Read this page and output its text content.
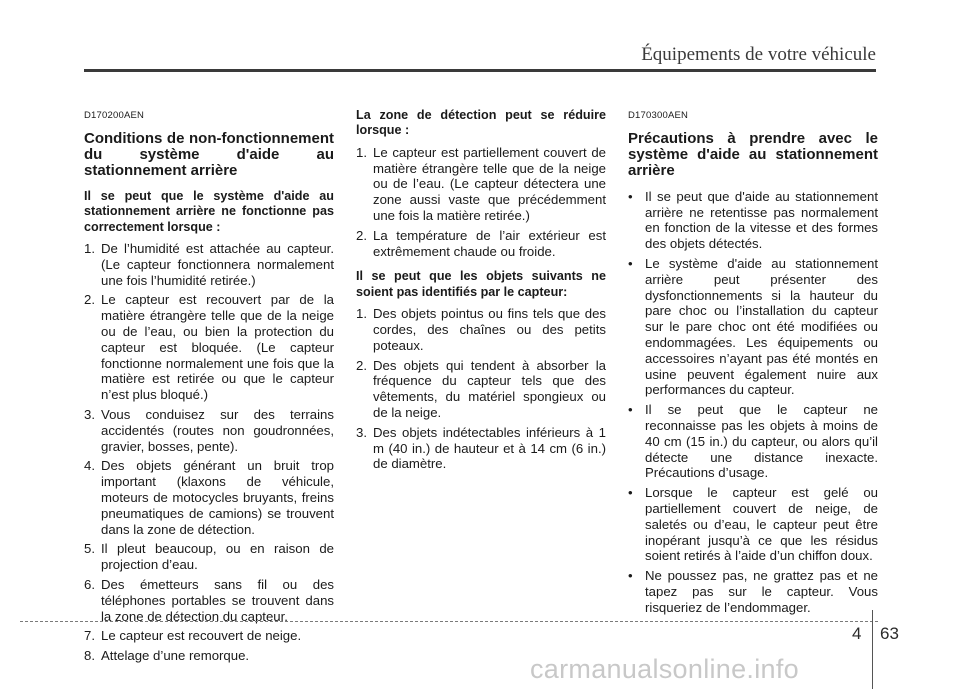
Équipements de votre véhicule
D170200AEN
Conditions de non-fonctionnement du système d'aide au stationnement arrière
Il se peut que le système d'aide au stationnement arrière ne fonctionne pas correctement lorsque :
1. De l’humidité est attachée au capteur. (Le capteur fonctionnera normalement une fois l’humidité retirée.)
2. Le capteur est recouvert par de la matière étrangère telle que de la neige ou de l’eau, ou bien la protection du capteur est bloquée. (Le capteur fonctionne normalement une fois que la matière est retirée ou que le capteur n’est plus bloqué.)
3. Vous conduisez sur des terrains accidentés (routes non goudronnées, gravier, bosses, pente).
4. Des objets générant un bruit trop important (klaxons de véhicule, moteurs de motocycles bruyants, freins pneumatiques de camions) se trouvent dans la zone de détection.
5. Il pleut beaucoup, ou en raison de projection d’eau.
6. Des émetteurs sans fil ou des téléphones portables se trouvent dans la zone de détection du capteur.
7. Le capteur est recouvert de neige.
8. Attelage d’une remorque.
La zone de détection peut se réduire lorsque :
1. Le capteur est partiellement couvert de matière étrangère telle que de la neige ou de l’eau. (Le capteur détectera une zone aussi vaste que précédemment une fois la matière retirée.)
2. La température de l’air extérieur est extrêmement chaude ou froide.
Il se peut que les objets suivants ne soient pas identifiés par le capteur:
1. Des objets pointus ou fins tels que des cordes, des chaînes ou des petits poteaux.
2. Des objets qui tendent à absorber la fréquence du capteur tels que des vêtements, du matériel spongieux ou de la neige.
3. Des objets indétectables inférieurs à 1 m (40 in.) de hauteur et à 14 cm (6 in.) de diamètre.
D170300AEN
Précautions à prendre avec le système d'aide au stationnement arrière
• Il se peut que d'aide au stationnement arrière ne retentisse pas normalement en fonction de la vitesse et des formes des objets détectés.
• Le système d'aide au stationnement arrière peut présenter des dysfonctionnements si la hauteur du pare choc ou l’installation du capteur sur le pare choc ont été modifiées ou endommagées. Les équipements ou accessoires n’ayant pas été montés en usine peuvent également nuire aux performances du capteur.
• Il se peut que le capteur ne reconnaisse pas les objets à moins de 40 cm (15 in.) du capteur, ou alors qu’il détecte une distance inexacte. Précautions d’usage.
• Lorsque le capteur est gelé ou partiellement couvert de neige, de saletés ou d’eau, le capteur peut être inopérant jusqu’à ce que les résidus soient retirés à l’aide d’un chiffon doux.
• Ne poussez pas, ne grattez pas et ne tapez pas sur le capteur. Vous risqueriez de l’endommager.
4 63
carmanualsonline.info
